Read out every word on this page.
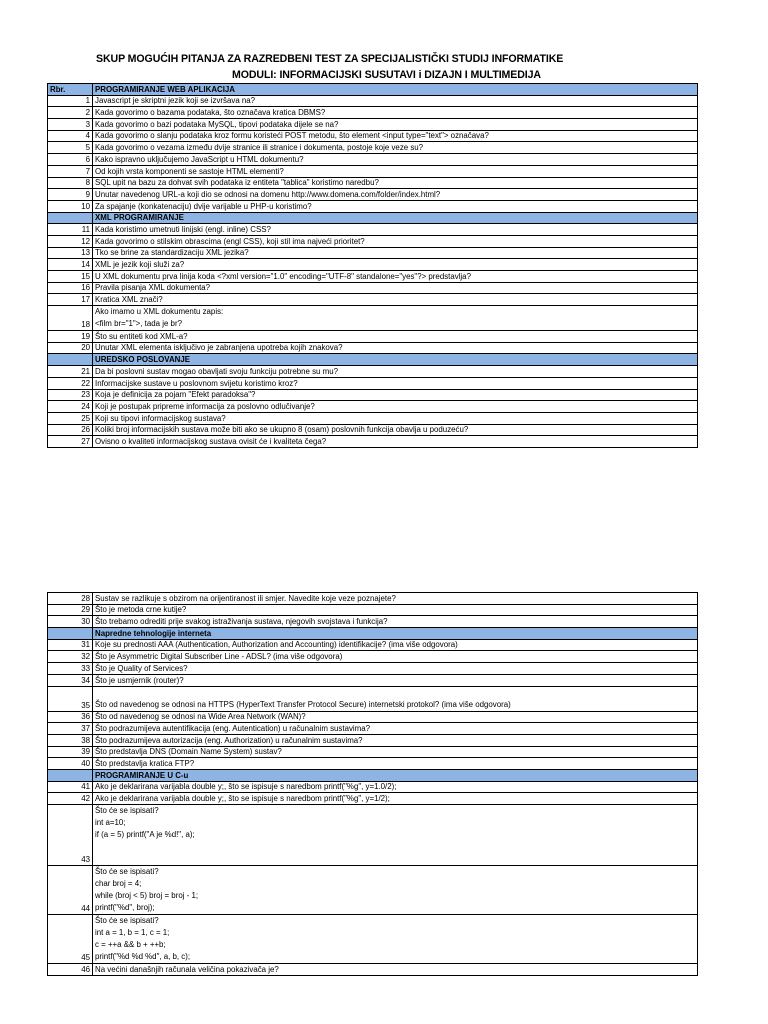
SKUP MOGUĆIH PITANJA ZA RAZREDBENI TEST ZA SPECIJALISTIČKI STUDIJ INFORMATIKE
MODULI: INFORMACIJSKI SUSUTAVI i DIZAJN I MULTIMEDIJA
Rbr.	PROGRAMIRANJE WEB APLIKACIJA
1	Javascript je skriptni jezik koji se izvršava na?
2	Kada govorimo o bazama podataka, što označava kratica DBMS?
3	Kada govorimo o bazi podataka MySQL, tipovi podataka dijele se na?
4	Kada govorimo o slanju podataka kroz formu koristeći POST metodu, što element <input type="text"> označava?
5	Kada govorimo o vezama između dvije stranice ili stranice i dokumenta, postoje koje veze su?
6	Kako ispravno uključujemo JavaScript u HTML dokumentu?
7	Od kojih vrsta komponenti se sastoje HTML elementi?
8	SQL upit na bazu za dohvat svih podataka iz entiteta "tablica" koristimo naredbu?
9	Unutar navedenog URL-a koji dio se odnosi na domenu http://www.domena.com/folder/index.html?
10	Za spajanje (konkatenaciju) dvije varijable u PHP-u koristimo?
	XML PROGRAMIRANJE
11	Kada koristimo umetnuti linijski (engl. inline) CSS?
12	Kada govorimo o stilskim obrascima (engl CSS), koji stil ima najveći prioritet?
13	Tko se brine za standardizaciju XML jezika?
14	XML je jezik koji služi za?
15	U XML dokumentu prva linija koda <?xml version="1.0" encoding="UTF-8" standalone="yes"?> predstavlja?
16	Pravila pisanja XML dokumenta?
17	Kratica XML znači?
18	Ako imamo u XML dokumentu zapis:
<film br="1">, tada je br?

19	Što su entiteti kod XML-a?
20	Unutar XML elementa isključivo je zabranjena upotreba kojih znakova?
	UREDSKO POSLOVANJE
21	Da bi poslovni sustav mogao obavljati svoju funkciju potrebne su mu?
22	Informacijske sustave u poslovnom svijetu koristimo kroz?
23	Koja je definicija za pojam "Efekt paradoksa"?
24	Koji je postupak pripreme informacija za poslovno odlučivanje?
25	Koji su tipovi informacijskog sustava?
26	Koliki broj informacijskih sustava može biti ako se ukupno 8 (osam) poslovnih funkcija obavlja u poduzeću?
27	Ovisno o kvaliteti informacijskog sustava ovisit će i kvaliteta čega?
28	Sustav se razlikuje s obzirom na orijentiranost ili smjer. Navedite koje veze poznajete?
29	Što je metoda crne kutije?
30	Što trebamo odrediti prije svakog istraživanja sustava, njegovih svojstava i funkcija?
	Napredne tehnologije interneta
31	Koje su prednosti AAA (Authentication, Authorization and Accounting) identifikacije? (ima više odgovora)
32	Što je Asymmetric Digital Subscriber Line - ADSL? (ima više odgovora)
33	Što je Quality of Services?
34	Što je usmjernik (router)?
35	Što od navedenog se odnosi na HTTPS (HyperText Transfer Protocol Secure) internetski protokol? (ima više odgovora)

36	Što od navedenog se odnosi na Wide Area Network (WAN)?
37	Što podrazumijeva autentifikacija (eng. Autentication) u računalnim sustavima?
38	Što podrazumijeva autorizacija (eng. Authorization) u računalnim sustavima?
39	Što predstavlja DNS (Domain Name System) sustav?
40	Što predstavlja kratica FTP?
	PROGRAMIRANJE U C-u
41	Ako je deklarirana varijabla double y;, što se ispisuje s naredbom printf("%g", y=1.0/2);
42	Ako je deklarirana varijabla double y;, što se ispisuje s naredbom printf("%g", y=1/2);
43	Što će se ispisati?
int a=10;
if (a = 5) printf("A je %d!", a);

44	Što će se ispisati?
char broj = 4;
while (broj < 5) broj = broj - 1;
printf("%d", broj);

45	Što će se ispisati?
int a = 1, b = 1, c = 1;
c = ++a && b + ++b;
printf("%d %d %d", a, b, c);

46	Na većini današnjih računala veličina pokazivača je?
